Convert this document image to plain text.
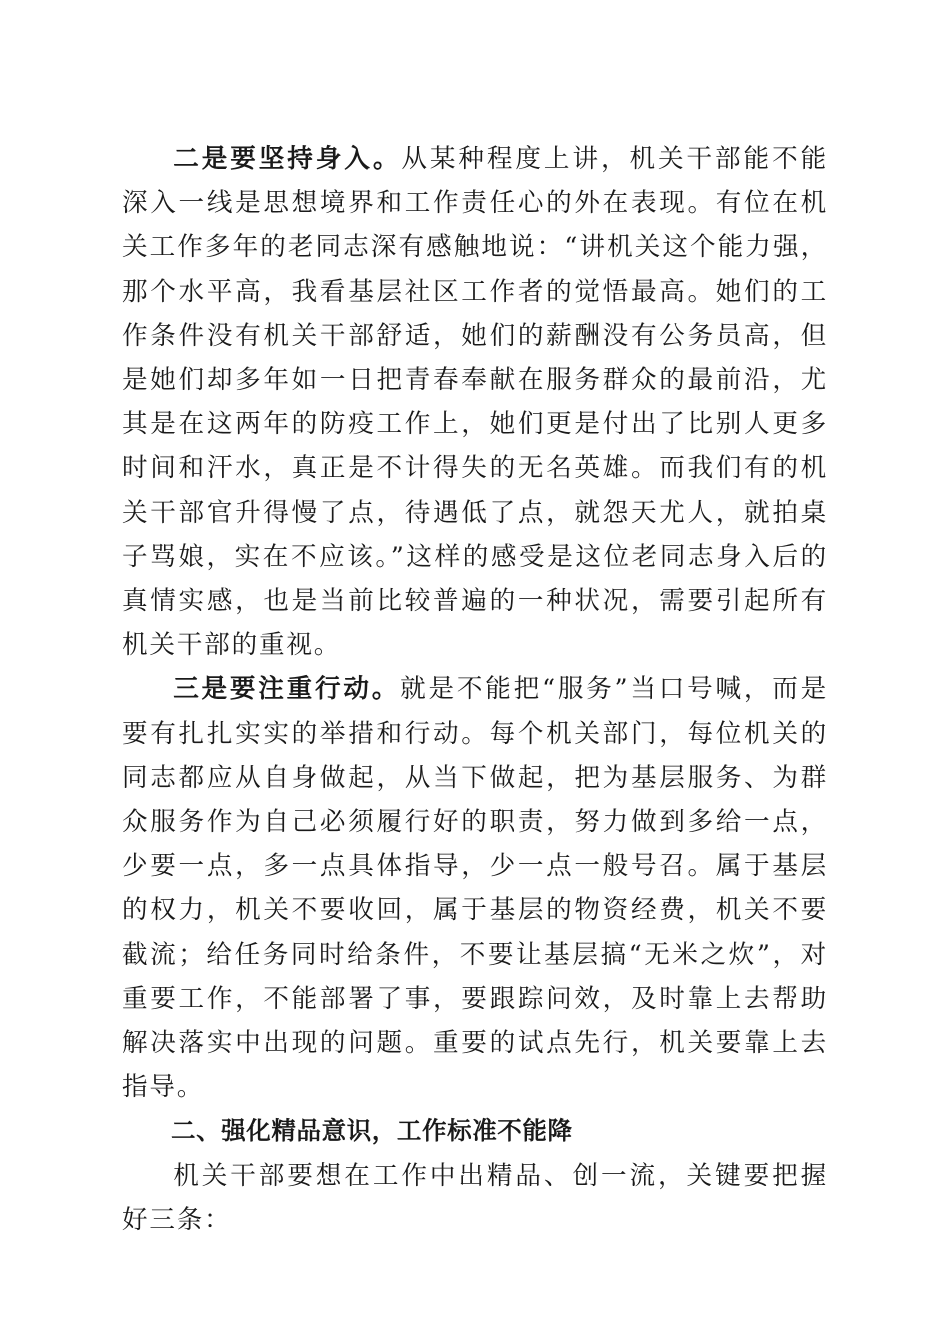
二是要坚持身入。从某种程度上讲，机关干部能不能深入一线是思想境界和工作责任心的外在表现。有位在机关工作多年的老同志深有感触地说：“讲机关这个能力强，那个水平高，我看基层社区工作者的觉悟最高。她们的工作条件没有机关干部舒适，她们的薪酬没有公务员高，但是她们却多年如一日把青春奉献在服务群众的最前沿，尤其是在这两年的防疫工作上，她们更是付出了比别人更多时间和汗水，真正是不计得失的无名英雄。而我们有的机关干部官升得慢了点，待遇低了点，就怨天尤人，就拍桌子骂娘，实在不应该。”这样的感受是这位老同志身入后的真情实感，也是当前比较普遍的一种状况，需要引起所有机关干部的重视。

三是要注重行动。就是不能把“服务”当口号喊，而是要有扎扎实实的举措和行动。每个机关部门，每位机关的同志都应从自身做起，从当下做起，把为基层服务、为群众服务作为自己必须履行好的职责，努力做到多给一点，少要一点，多一点具体指导，少一点一般号召。属于基层的权力，机关不要收回，属于基层的物资经费，机关不要截流；给任务同时给条件，不要让基层搞“无米之炊”，对重要工作，不能部署了事，要跟踪问效，及时靠上去帮助解决落实中出现的问题。重要的试点先行，机关要靠上去指导。

二、强化精品意识，工作标准不能降

机关干部要想在工作中出精品、创一流，关键要把握好三条：
